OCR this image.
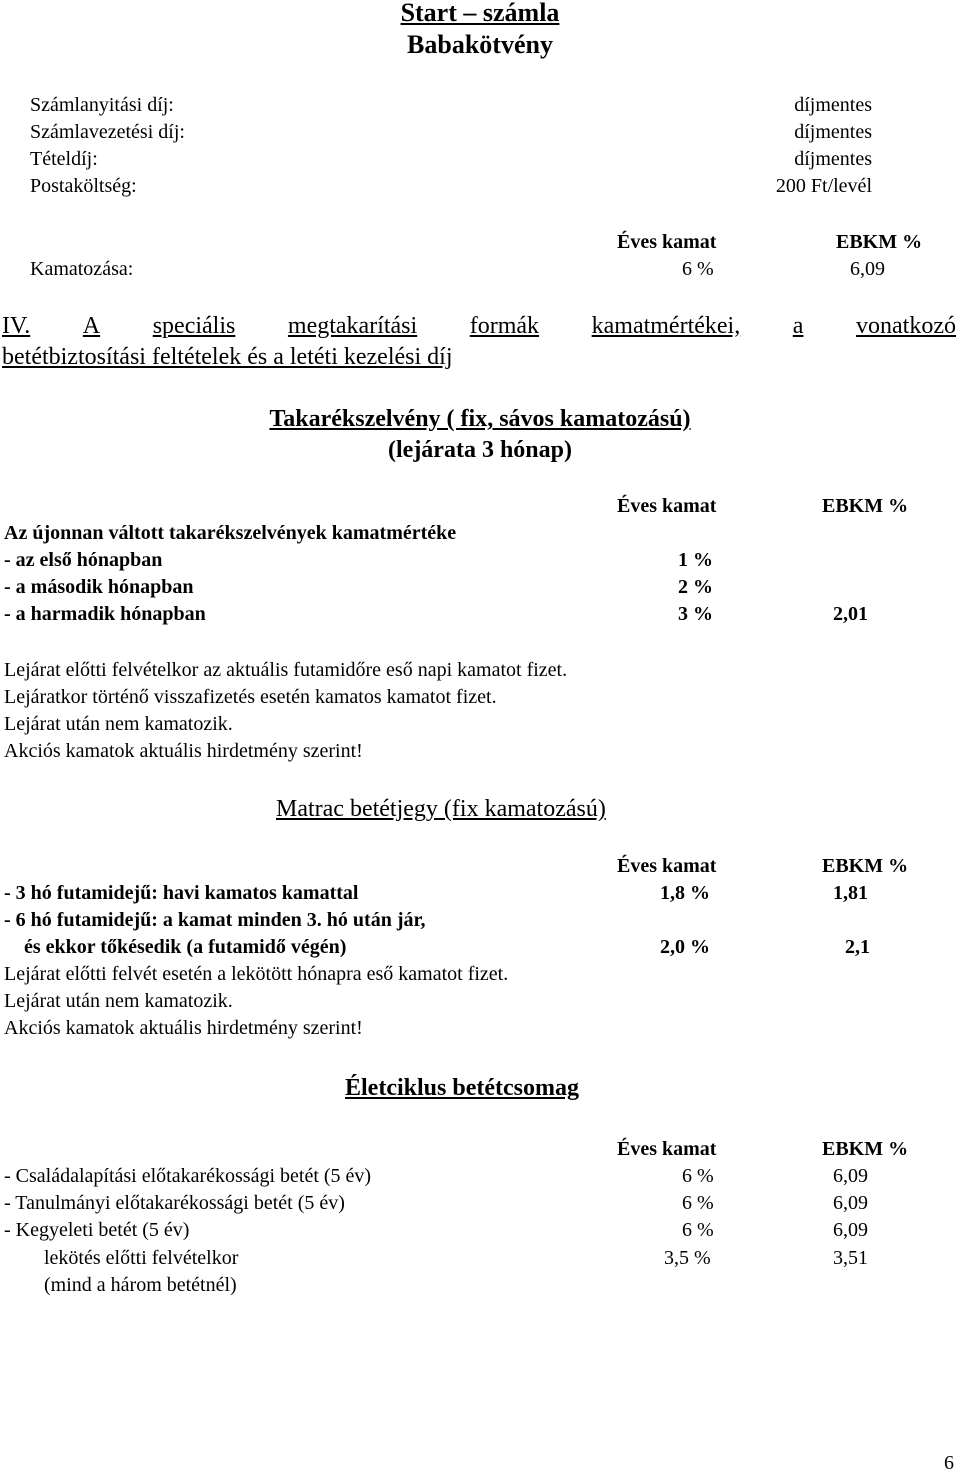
Start – számla
Babakötvény
Számlanyitási díj:	díjmentes
Számlavezetési díj:	díjmentes
Tételdíj:	díjmentes
Postaköltség:	200 Ft/levél
Éves kamat	EBKM %
Kamatozása:	6 %	6,09
IV. A speciális megtakarítási formák kamatmértékei, a vonatkozó
betétbiztosítási feltételek és a letéti kezelési díj
Takarékszelvény ( fix, sávos kamatozású)
(lejárata 3 hónap)
Éves kamat	EBKM %
Az újonnan váltott takarékszelvények kamatmértéke
- az első hónapban	1 %
- a második hónapban	2 %
- a harmadik hónapban	3 %	2,01
Lejárat előtti felvételkor az aktuális futamidőre eső napi kamatot fizet.
Lejáratkor történő visszafizetés esetén kamatos kamatot fizet.
Lejárat után nem kamatozik.
Akciós kamatok aktuális hirdetmény szerint!
Matrac betétjegy (fix kamatozású)
Éves kamat	EBKM %
- 3 hó futamidejű: havi kamatos kamattal	1,8 %	1,81
- 6 hó futamidejű: a kamat minden 3. hó után jár,
és ekkor tőkésedik (a futamidő végén)	2,0 %	2,1
Lejárat előtti felvét esetén a lekötött hónapra eső kamatot fizet.
Lejárat után nem kamatozik.
Akciós kamatok aktuális hirdetmény szerint!
Életciklus betétcsomag
Éves kamat	EBKM %
- Családalapítási előtakarékossági betét (5 év)	6 %	6,09
- Tanulmányi előtakarékossági betét (5 év)	6 %	6,09
- Kegyeleti betét (5 év)	6 %	6,09
lekötés előtti felvételkor	3,5 %	3,51
(mind a három betétnél)
6
